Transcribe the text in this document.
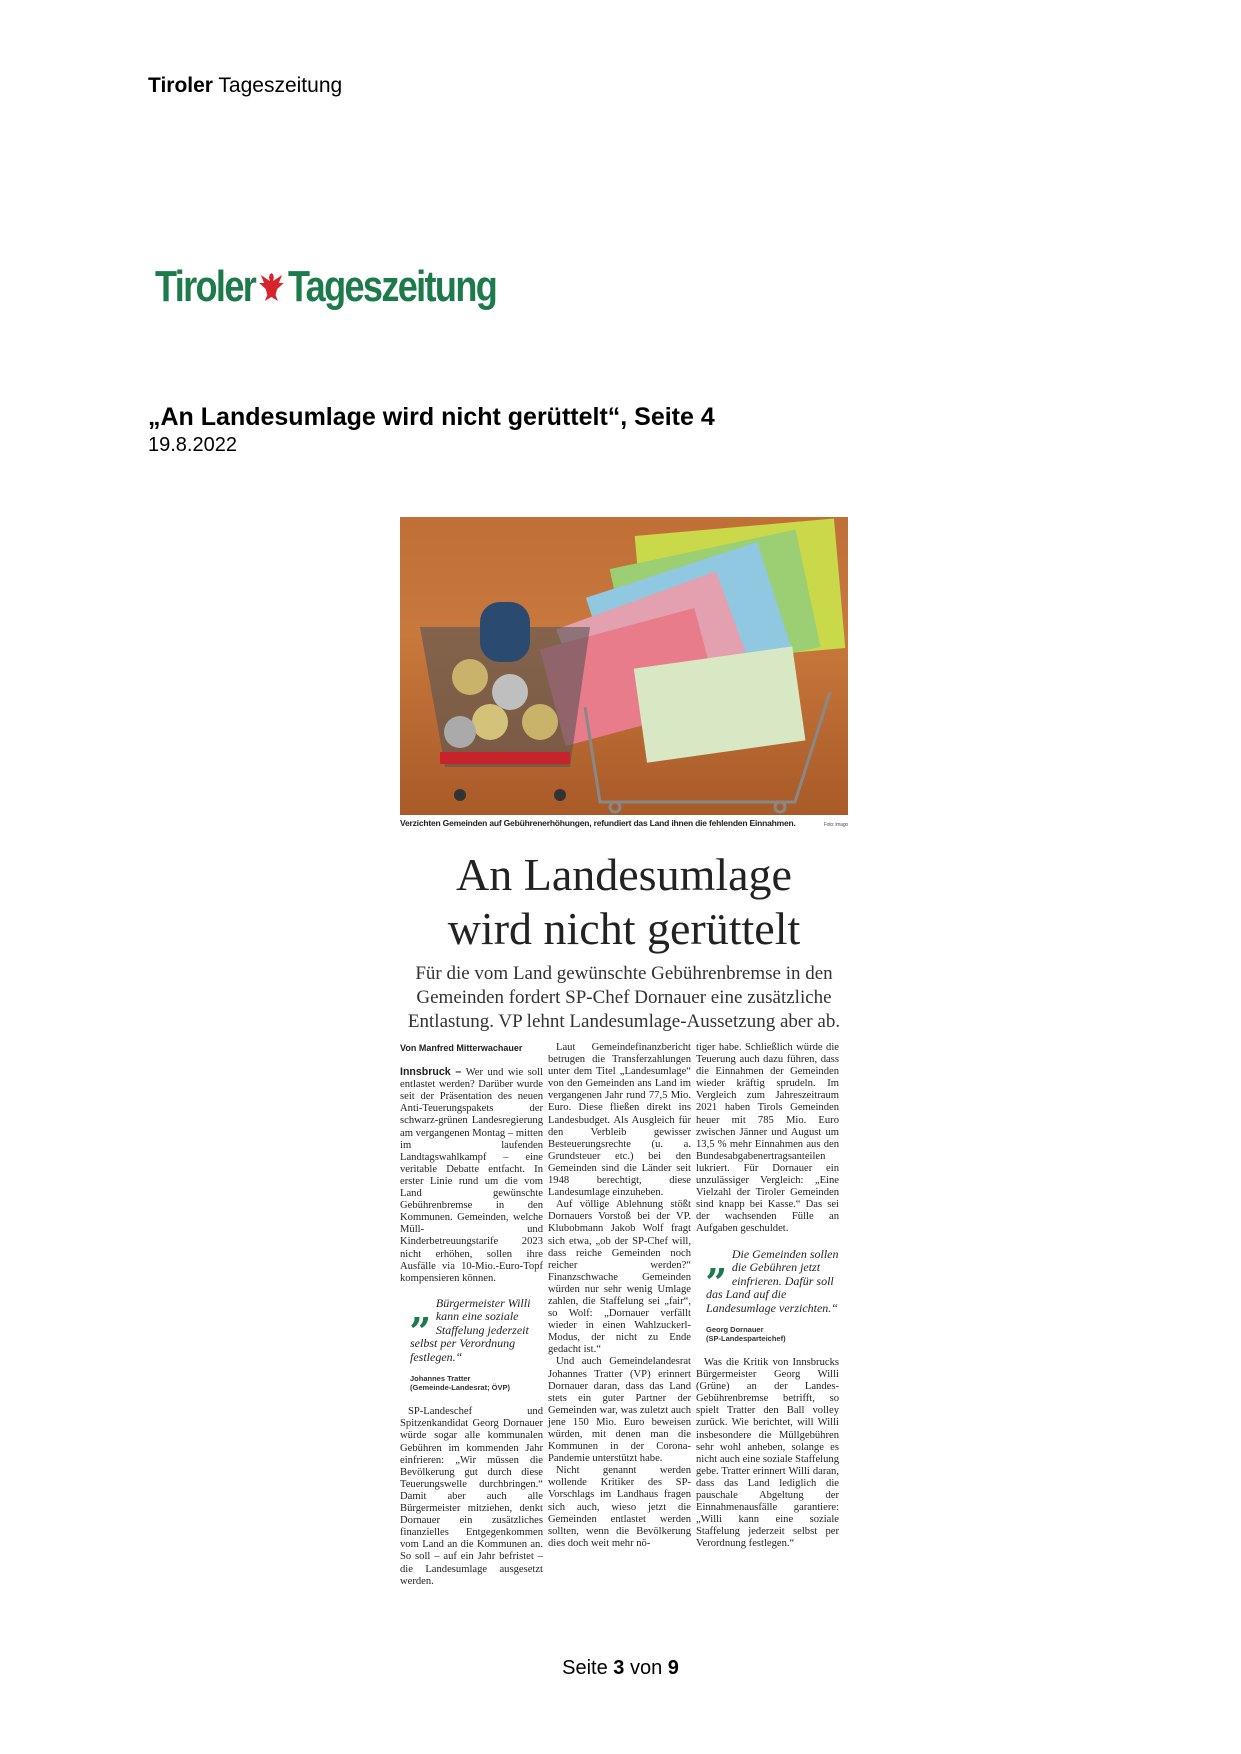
Tiroler Tageszeitung
Tiroler Tageszeitung
„An Landesumlage wird nicht gerüttelt“, Seite 4
19.8.2022
Verzichten Gemeinden auf Gebührenerhöhungen, refundiert das Land ihnen die fehlenden Einnahmen.	Foto: imago
An Landesumlage
wird nicht gerüttelt
Für die vom Land gewünschte Gebührenbremse in den Gemeinden fordert SP-Chef Dornauer eine zusätzliche Entlastung. VP lehnt Landesumlage-Aussetzung aber ab.
Von Manfred Mitterwachauer

Innsbruck – Wer und wie soll entlastet werden? Darüber wurde seit der Präsentation des neuen Anti-Teuerungspakets der schwarz-grünen Landesregierung am vergangenen Montag – mitten im laufenden Landtagswahlkampf – eine veritable Debatte entfacht. In erster Linie rund um die vom Land gewünschte Gebührenbremse in den Kommunen. Gemeinden, welche Müll- und Kinderbetreuungstarife 2023 nicht erhöhen, sollen ihre Ausfälle via 10-Mio.-Euro-Topf kompensieren können.

„ Bürgermeister Willi kann eine soziale Staffelung jederzeit selbst per Verordnung festlegen.“
Johannes Tratter
(Gemeinde-Landesrat; ÖVP)

SP-Landeschef und Spitzenkandidat Georg Dornauer würde sogar alle kommunalen Gebühren im kommenden Jahr einfrieren: „Wir müssen die Bevölkerung gut durch diese Teuerungswelle durchbringen.“ Damit aber auch alle Bürgermeister mitziehen, denkt Dornauer ein zusätzliches finanzielles Entgegenkommen vom Land an die Kommunen an. So soll – auf ein Jahr befristet – die Landesumlage ausgesetzt werden.

Laut Gemeindefinanzbericht betrugen die Transferzahlungen unter dem Titel „Landesumlage“ von den Gemeinden ans Land im vergangenen Jahr rund 77,5 Mio. Euro. Diese fließen direkt ins Landesbudget. Als Ausgleich für den Verbleib gewisser Besteuerungsrechte (u. a. Grundsteuer etc.) bei den Gemeinden sind die Länder seit 1948 berechtigt, diese Landesumlage einzuheben.

Auf völlige Ablehnung stößt Dornauers Vorstoß bei der VP. Klubobmann Jakob Wolf fragt sich etwa, „ob der SP-Chef will, dass reiche Gemeinden noch reicher werden?“ Finanzschwache Gemeinden würden nur sehr wenig Umlage zahlen, die Staffelung sei „fair“, so Wolf: „Dornauer verfällt wieder in einen Wahlzuckerl-Modus, der nicht zu Ende gedacht ist.“

Und auch Gemeindelandesrat Johannes Tratter (VP) erinnert Dornauer daran, dass das Land stets ein guter Partner der Gemeinden war, was zuletzt auch jene 150 Mio. Euro beweisen würden, mit denen man die Kommunen in der Corona-Pandemie unterstützt habe.

Nicht genannt werden wollende Kritiker des SP-Vorschlags im Landhaus fragen sich auch, wieso jetzt die Gemeinden entlastet werden sollten, wenn die Bevölkerung dies doch weit mehr nö-

tiger habe. Schließlich würde die Teuerung auch dazu führen, dass die Einnahmen der Gemeinden wieder kräftig sprudeln. Im Vergleich zum Jahreszeitraum 2021 haben Tirols Gemeinden heuer mit 785 Mio. Euro zwischen Jänner und August um 13,5 % mehr Einnahmen aus den Bundesabgabenertragsanteilen lukriert. Für Dornauer ein unzulässiger Vergleich: „Eine Vielzahl der Tiroler Gemeinden sind knapp bei Kasse.“ Das sei der wachsenden Fülle an Aufgaben geschuldet.

„ Die Gemeinden sollen die Gebühren jetzt einfrieren. Dafür soll das Land auf die Landesumlage verzichten.“
Georg Dornauer
(SP-Landesparteichef)

Was die Kritik von Innsbrucks Bürgermeister Georg Willi (Grüne) an der Landes-Gebührenbremse betrifft, so spielt Tratter den Ball volley zurück. Wie berichtet, will Willi insbesondere die Müllgebühren sehr wohl anheben, solange es nicht auch eine soziale Staffelung gebe. Tratter erinnert Willi daran, dass das Land lediglich die pauschale Abgeltung der Einnahmenausfälle garantiere: „Willi kann eine soziale Staffelung jederzeit selbst per Verordnung festlegen.“

Seite 3 von 9
